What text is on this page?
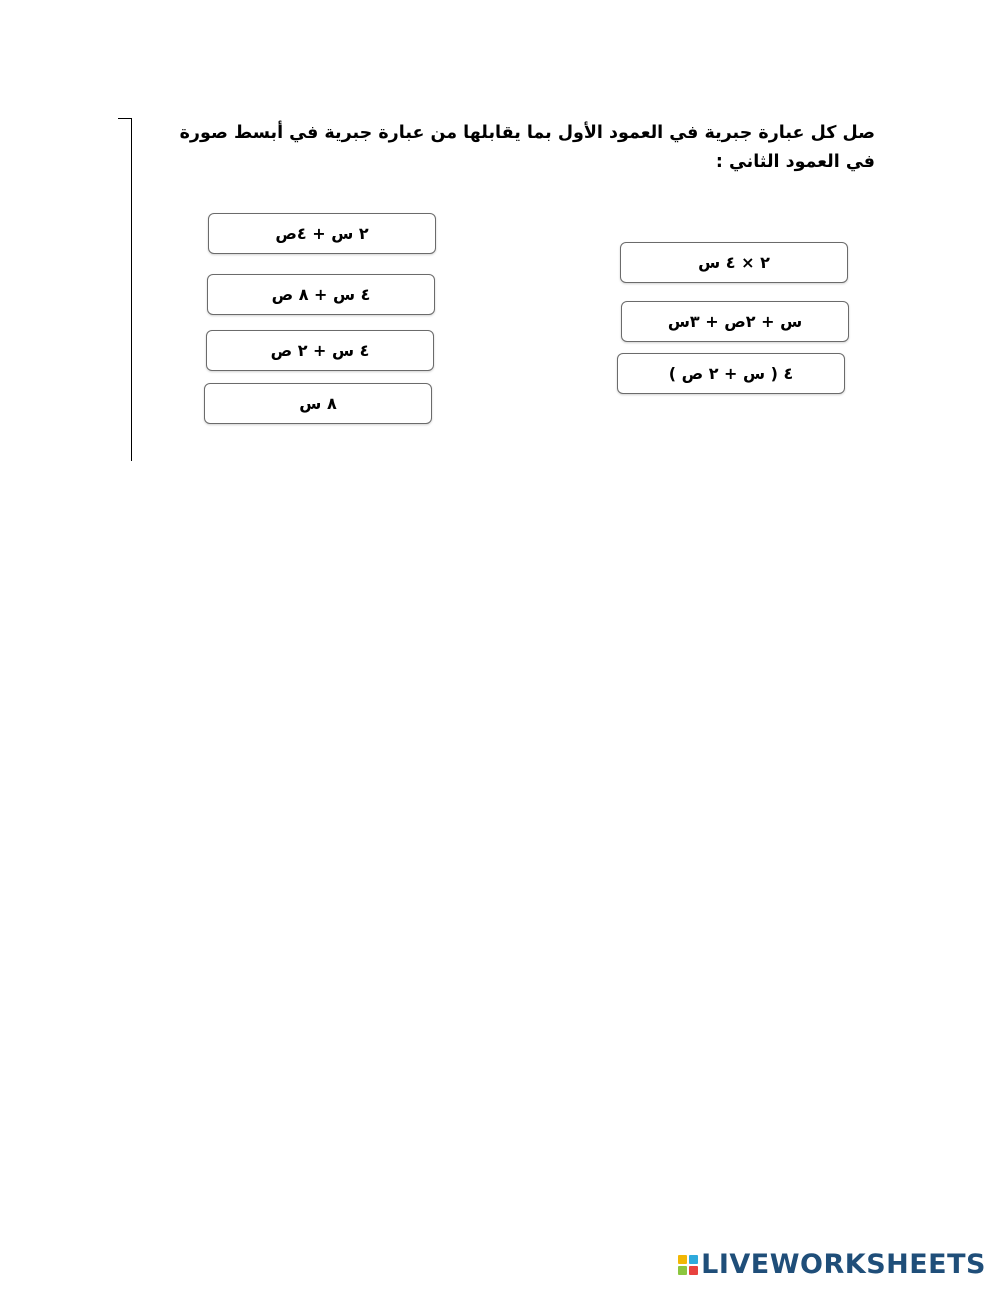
صل كل عبارة جبرية في العمود الأول بما يقابلها من عبارة جبرية في أبسط صورة في العمود الثاني :

٢ × ٤ س
س + ٢ص + ٣س
٤ ( س + ٢ ص )
٢ س + ٤ص
٤ س + ٨ ص
٤ س + ٢ ص
٨ س
LIVEWORKSHEETS
